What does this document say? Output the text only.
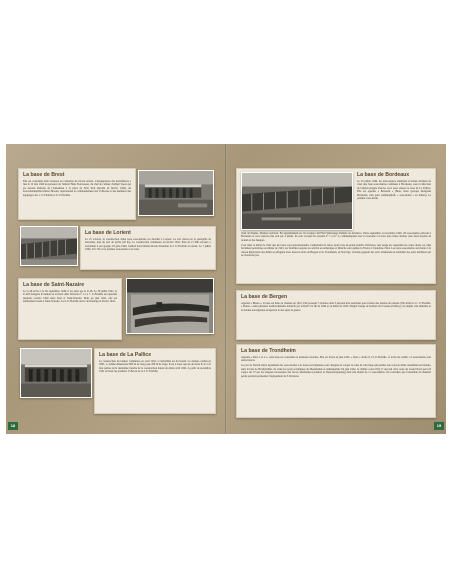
La base de Brest

Elle est construite dans l'arsenal, en contrebas de l'école navale. L'inauguration des installations a lieu le 12 mai 1940 en présence de l'amiral Hans Stohwasser, du chef de cabinet d'Albert Speer qui est devenu ministre de l'Armement à la place de Fritz Todt (décédé en février 1942), du Korvettenkapitän Günter Hessler, représentant le commandement des U-Bootes et des membres des équipages des 1. U-Flottille et 9. U-Flottille.

La base de Lorient

Le 25 octobre, la construction d'une base sous-marine est décidée à Lorient. Le site choisi est la presqu'île de Keroman, près du port de pêche (20 ha). La construction commence en février 1941. Près de 15 000 ouvriers y travaillent à son apogée. En juin 1940, l'amiral Karl Dönitz décide d'installer la 2. U-Flottille à Lorient. Le 7 juillet 1940, le U-30 est le premier sous-marin à accoster.

La base de Saint-Nazaire

Le U-46 arrive à la fin septembre 1940, il est suivi par le U-28. Le 30 juillet 1941, le U-203 inaugure le bunker en arrivant dans l'alvéole n° 1. La 7. U-Flottille est rapatriée jusqu'en octobre 1940 entre Kiel et Saint-Nazaire. Mais en juin 1941, elle est entièrement basée à Saint-Nazaire. La 6. U-Flottille arrive de Dantzig en février 1942.

La base de La Pallice

La construction du bunker commence en avril 1941, à l'extrémité est du bassin. Ce dernier, réalisé en 1891, a comme dimensions 800 m de long pour 200 m de large. Il est à noter que les alvéoles 8, 9 et 10 font parties de la deuxième tranche de la construction datant de début avril 1942. À partir de novembre 1941 arrivent les premiers U-Boote de la 3. U-Flottille.

18
La base de Bordeaux

Le 25 juillet 1940, les états-majors allemand et italien décident de créer une base sous-marine commune à Bordeaux, sous la direction de l'amiral Angelo Parona, avec pour annexe la base de La Pallice. Elle est appelée « Betasom » (Beta, lettre grecque désignant Bordeaux, som pour sommergibili, « sous-marin » en italien). Le premier sous-marin

vient de Naples. D'autres suivront. En appartiennent au 11e Gruppo del Fieri Subacqueo Italiano en Atlantico. Entre septembre et novembre 1940, 28 sous-marins arrivent à Bordeaux et sont répartis plus tard par 4 unités. Ils sont occupés les bassins n° 1 et n° 2, communiquant avec la Garonne à travers une écluse double, plus deux bassins de radoub et des hangars.

C'est dans ce début de 1942 que les bases sont opérationnelles. Cathédrales de béton ayant reçu un grand nombre d'alvéoles, leur usage est cependant de courte durée car, déjà fortement perturbées au milieu de 1943, les flottilles toujours en activité en Atlantique et Manche sont quittée la France à l'automne 1944. Les rares sous-marins survivants à la chasse implacable des Alliés se réfugient alors dans les abris de Bergen et de Trondheim, en Norvège. Certains gagnent des ports allemands en attendant des jours meilleurs qui ne viendront pas.

La base de Bergen

Appelée « Bruno », la base est mise en chantier en 1941. Elle possède 7 alvéoles dont 3 peuvent être asséchées pour former des bassins de radoub. Elle abrite la 11. U-Flottille. « Bruno » subit plusieurs bombardements intensifs par la RAF à la fin de 1944 et au début de 1945. Malgré l'usage de bombes de 6 tonnes (Tallboy), les dégâts sont minimes et la marine norvégienne récupérera le site après la guerre.

La base de Trondheim

Appelée « Dora 1 et 2 », cette base est construite en plusieurs tranches. Elle est livrée en juin 1943. « Dora » abrite la 13. U-Flottille. À la fin du conflit, 13 sous-marins sont saisis intacts.

Le port de Narvik abrite également des sous-marins. Les bases norvégiennes sont chargées de couper la route de l'Arctique qui permet aux convois alliés rassemblés en Islande, dans la baie de Hvalfjördhur, de relier les ports soviétiques de Mourmansk et Arkhangelsk. En juin 1942, le célèbre convoi PQ 17 qui suit cette route du Grand Nord perd 24 cargos sur 37 par les attaques incessantes des forces allemandes (aviation et Wasserbespanung) dont une moitié de 11 sous-marins. On considère que l'ensemble du matériel perdu pouvait représenter l'équipement de 3 divisions.

19
